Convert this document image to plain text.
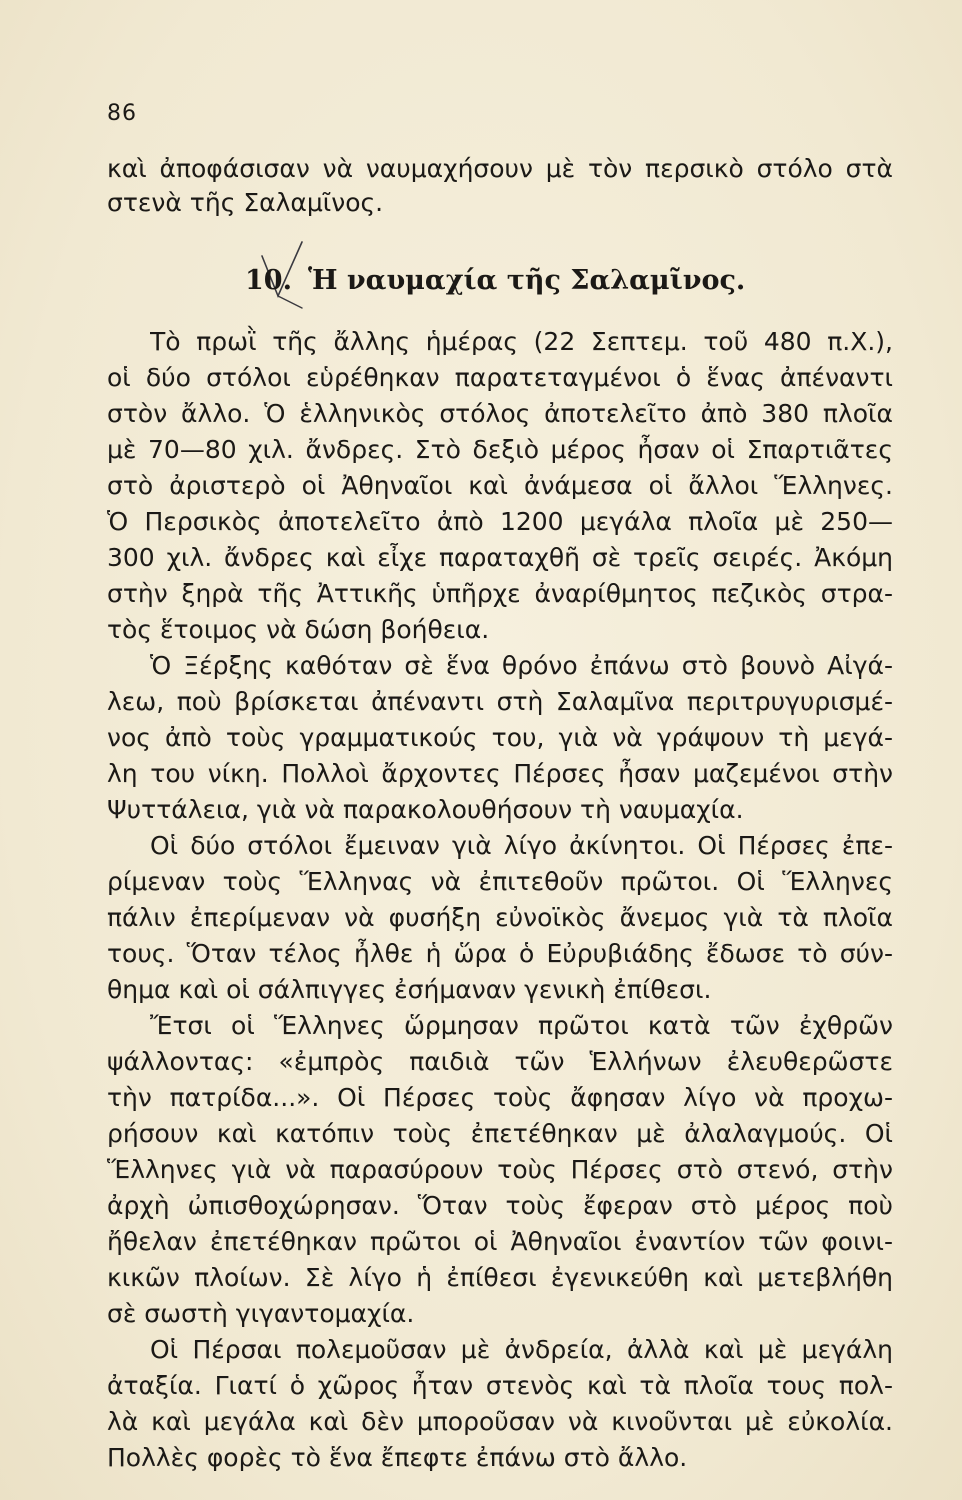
86
καὶ ἀποφάσισαν νὰ ναυμαχήσουν μὲ τὸν περσικὸ στόλο στὰ
στενὰ τῆς Σαλαμῖνος.
10. Ἡ ναυμαχία τῆς Σαλαμῖνος.
Τὸ πρωῒ τῆς ἄλλης ἡμέρας (22 Σεπτεμ. τοῦ 480 π.Χ.),
οἱ δύο στόλοι εὑρέθηκαν παρατεταγμένοι ὁ ἕνας ἀπέναντι
στὸν ἄλλο. Ὁ ἑλληνικὸς στόλος ἀποτελεῖτο ἀπὸ 380 πλοῖα
μὲ 70—80 χιλ. ἄνδρες. Στὸ δεξιὸ μέρος ἦσαν οἱ Σπαρτιᾶτες
στὸ ἀριστερὸ οἱ Ἀθηναῖοι καὶ ἀνάμεσα οἱ ἄλλοι Ἕλληνες.
Ὁ Περσικὸς ἀποτελεῖτο ἀπὸ 1200 μεγάλα πλοῖα μὲ 250—
300 χιλ. ἄνδρες καὶ εἶχε παραταχθῆ σὲ τρεῖς σειρές. Ἀκόμη
στὴν ξηρὰ τῆς Ἀττικῆς ὑπῆρχε ἀναρίθμητος πεζικὸς στρα-
τὸς ἕτοιμος νὰ δώση βοήθεια.
Ὁ Ξέρξης καθόταν σὲ ἕνα θρόνο ἐπάνω στὸ βουνὸ Αἰγά-
λεω, ποὺ βρίσκεται ἀπέναντι στὴ Σαλαμῖνα περιτρυγυρισμέ-
νος ἀπὸ τοὺς γραμματικούς του, γιὰ νὰ γράψουν τὴ μεγά-
λη του νίκη. Πολλοὶ ἄρχοντες Πέρσες ἦσαν μαζεμένοι στὴν
Ψυττάλεια, γιὰ νὰ παρακολουθήσουν τὴ ναυμαχία.
Οἱ δύο στόλοι ἔμειναν γιὰ λίγο ἀκίνητοι. Οἱ Πέρσες ἐπε-
ρίμεναν τοὺς Ἕλληνας νὰ ἐπιτεθοῦν πρῶτοι. Οἱ Ἕλληνες
πάλιν ἐπερίμεναν νὰ φυσήξη εὐνοϊκὸς ἄνεμος γιὰ τὰ πλοῖα
τους. Ὅταν τέλος ἦλθε ἡ ὥρα ὁ Εὐρυβιάδης ἔδωσε τὸ σύν-
θημα καὶ οἱ σάλπιγγες ἐσήμαναν γενικὴ ἐπίθεσι.
Ἔτσι οἱ Ἕλληνες ὥρμησαν πρῶτοι κατὰ τῶν ἐχθρῶν
ψάλλοντας: «ἐμπρὸς παιδιὰ τῶν Ἑλλήνων ἐλευθερῶστε
τὴν πατρίδα...». Οἱ Πέρσες τοὺς ἄφησαν λίγο νὰ προχω-
ρήσουν καὶ κατόπιν τοὺς ἐπετέθηκαν μὲ ἀλαλαγμούς. Οἱ
Ἕλληνες γιὰ νὰ παρασύρουν τοὺς Πέρσες στὸ στενό, στὴν
ἀρχὴ ὠπισθοχώρησαν. Ὅταν τοὺς ἔφεραν στὸ μέρος ποὺ
ἤθελαν ἐπετέθηκαν πρῶτοι οἱ Ἀθηναῖοι ἐναντίον τῶν φοινι-
κικῶν πλοίων. Σὲ λίγο ἡ ἐπίθεσι ἐγενικεύθη καὶ μετεβλήθη
σὲ σωστὴ γιγαντομαχία.
Οἱ Πέρσαι πολεμοῦσαν μὲ ἀνδρεία, ἀλλὰ καὶ μὲ μεγάλη
ἀταξία. Γιατί ὁ χῶρος ἦταν στενὸς καὶ τὰ πλοῖα τους πολ-
λὰ καὶ μεγάλα καὶ δὲν μποροῦσαν νὰ κινοῦνται μὲ εὐκολία.
Πολλὲς φορὲς τὸ ἕνα ἔπεφτε ἐπάνω στὸ ἄλλο.
